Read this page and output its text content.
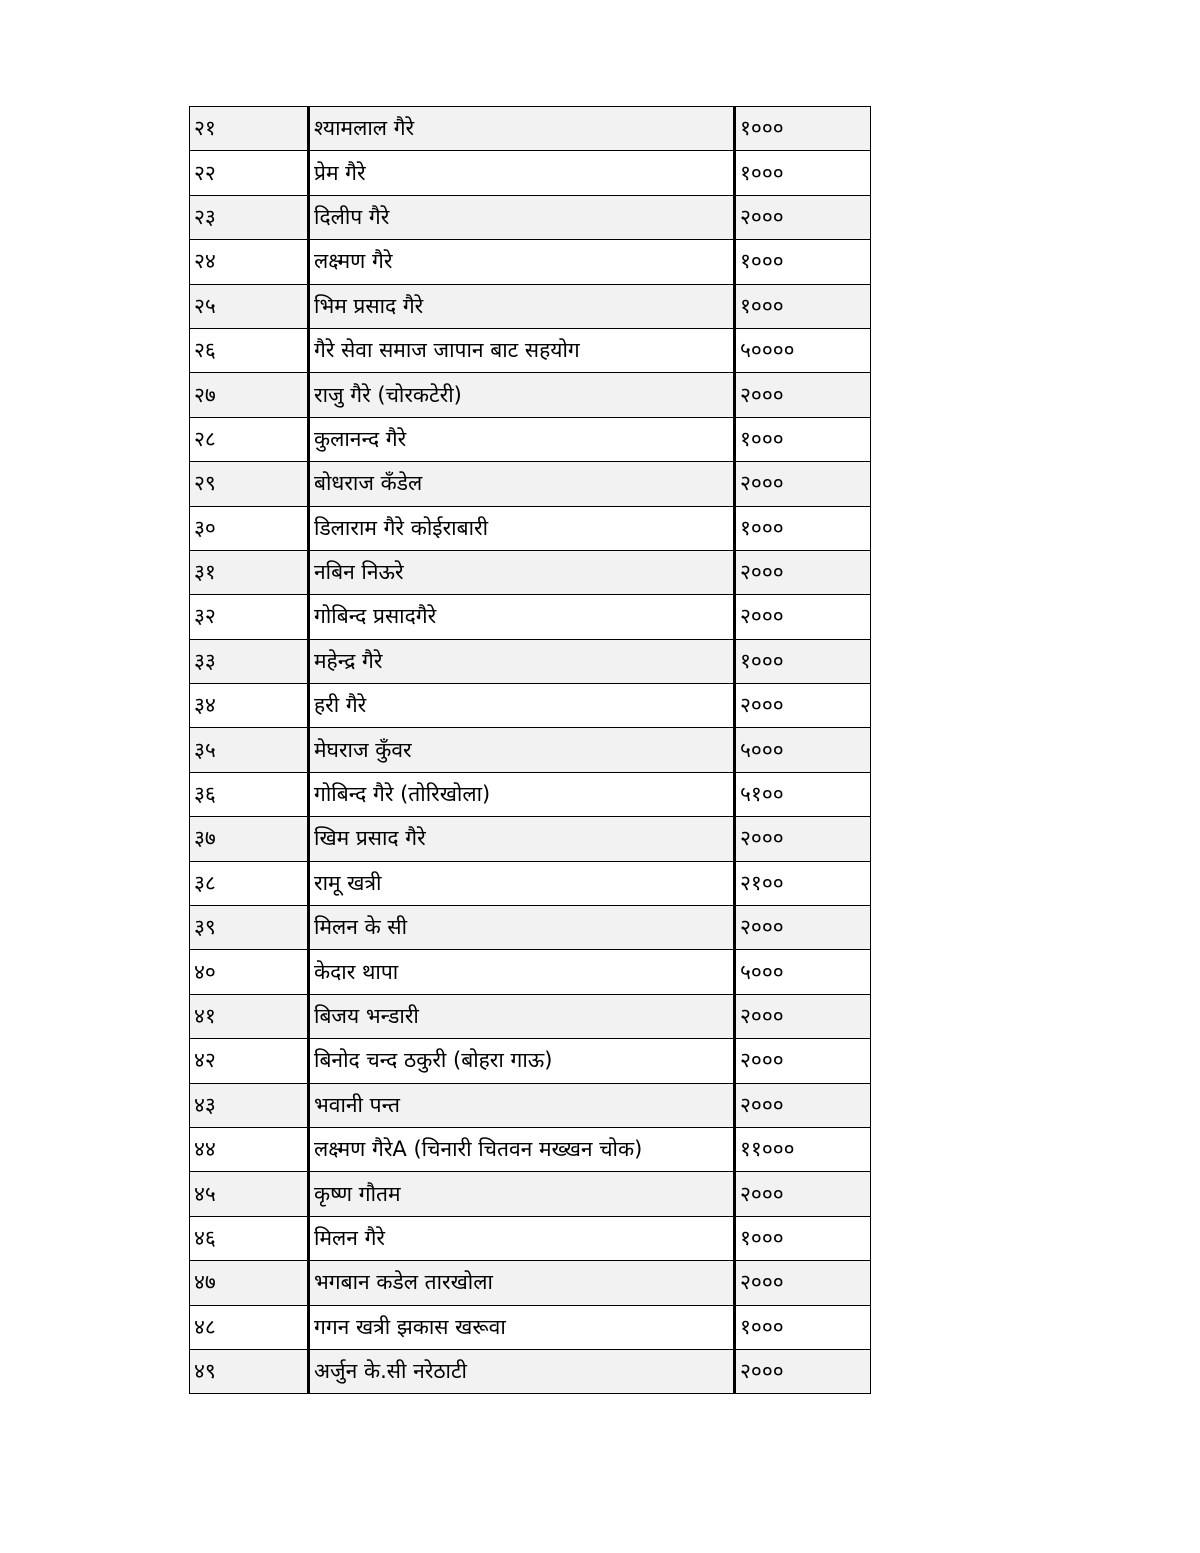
२१	श्यामलाल गैरे	१०००
२२	प्रेम गैरे	१०००
२३	दिलीप गैरे	२०००
२४	लक्ष्मण गैरे	१०००
२५	भिम प्रसाद गैरे	१०००
२६	गैरे सेवा समाज जापान बाट सहयोग	५००००
२७	राजु गैरे (चोरकटेरी)	२०००
२८	कुलानन्द गैरे	१०००
२९	बोधराज कँडेल	२०००
३०	डिलाराम गैरे कोईराबारी	१०००
३१	नबिन निऊरे	२०००
३२	गोबिन्द प्रसादगैरे	२०००
३३	महेन्द्र गैरे	१०००
३४	हरी गैरे	२०००
३५	मेघराज कुँवर	५०००
३६	गोबिन्द गैरे (तोरिखोला)	५१००
३७	खिम प्रसाद गैरे	२०००
३८	रामू खत्री	२१००
३९	मिलन के सी	२०००
४०	केदार थापा	५०००
४१	बिजय भन्डारी	२०००
४२	बिनोद चन्द ठकुरी (बोहरा गाऊ)	२०००
४३	भवानी पन्त	२०००
४४	लक्ष्मण गैरेA (चिनारी चितवन मख्खन चोक)	११०००
४५	कृष्ण गौतम	२०००
४६	मिलन गैरे	१०००
४७	भगबान कडेल तारखोला	२०००
४८	गगन खत्री झकास खरूवा	१०००
४९	अर्जुन के.सी नरेठाटी	२०००
